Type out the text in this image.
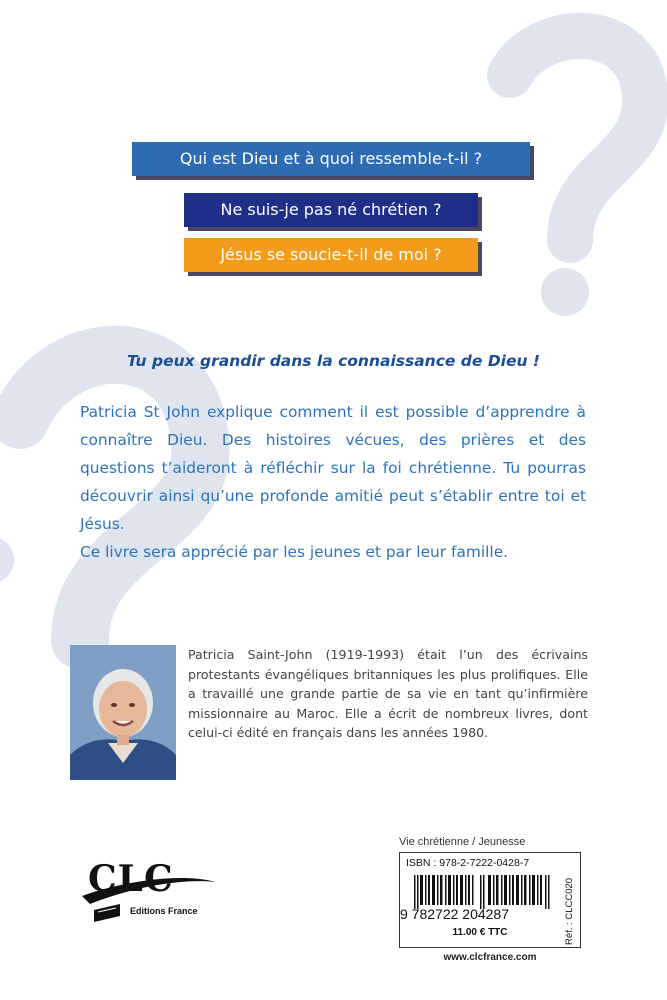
Qui est Dieu et à quoi ressemble-t-il ?
Ne suis-je pas né chrétien ?
Jésus se soucie-t-il de moi ?
Tu peux grandir dans la connaissance de Dieu !

Patricia St John explique comment il est possible d’apprendre à connaître Dieu. Des histoires vécues, des prières et des questions t’aideront à réfléchir sur la foi chrétienne. Tu pourras découvrir ainsi qu’une profonde amitié peut s’établir entre toi et Jésus.

Ce livre sera apprécié par les jeunes et par leur famille.

Patricia Saint-John (1919-1993) était l’un des écrivains protestants évangéliques britanniques les plus prolifiques. Elle a travaillé une grande partie de sa vie en tant qu’infirmière missionnaire au Maroc. Elle a écrit de nombreux livres, dont celui-ci édité en français dans les années 1980.
CLC
Editions France
Vie chrétienne / Jeunesse
ISBN : 978-2-7222-0428-7
9 782722 204287
11.00 € TTC	Réf. : CLCC020
www.clcfrance.com
